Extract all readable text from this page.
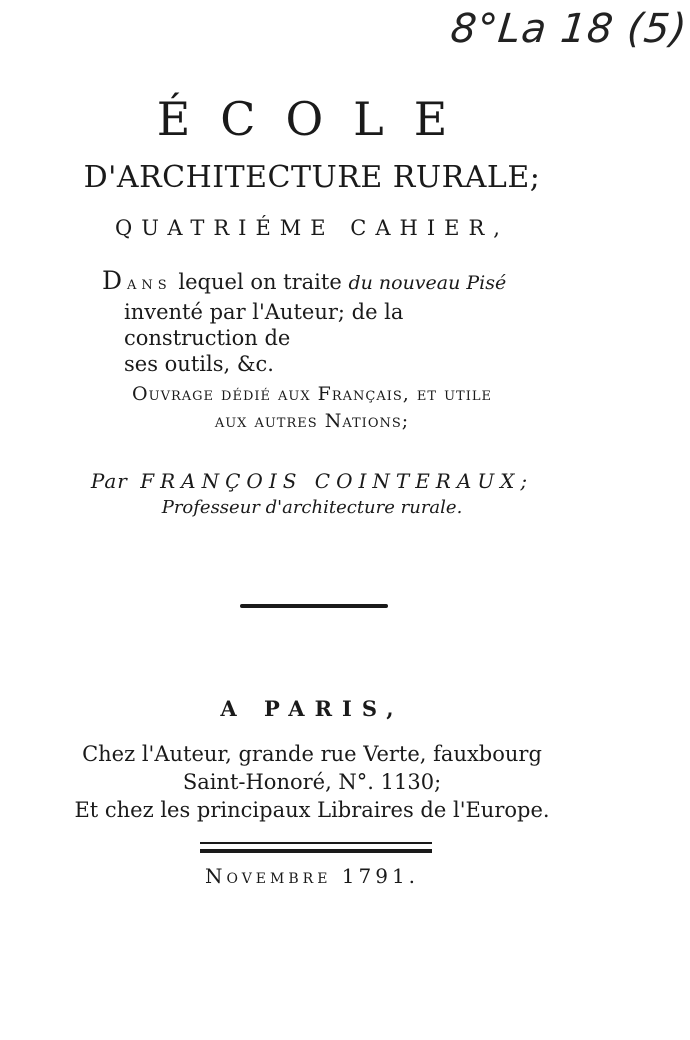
8°La 18 (5)
ÉCOLE
D'ARCHITECTURE RURALE;
QUATRIÉME CAHIER,
DANS lequel on traite du nouveau Pisé
inventé par l'Auteur; de la construction de
ses outils, &c.
Ouvrage dédié aux Français, et utile
aux autres Nations;
Par FRANÇOIS COINTERAUX;
Professeur d'architecture rurale.
A PARIS,
Chez l'Auteur, grande rue Verte, fauxbourg
Saint-Honoré, N°. 1130;
Et chez les principaux Libraires de l'Europe.
Novembre 1791.
